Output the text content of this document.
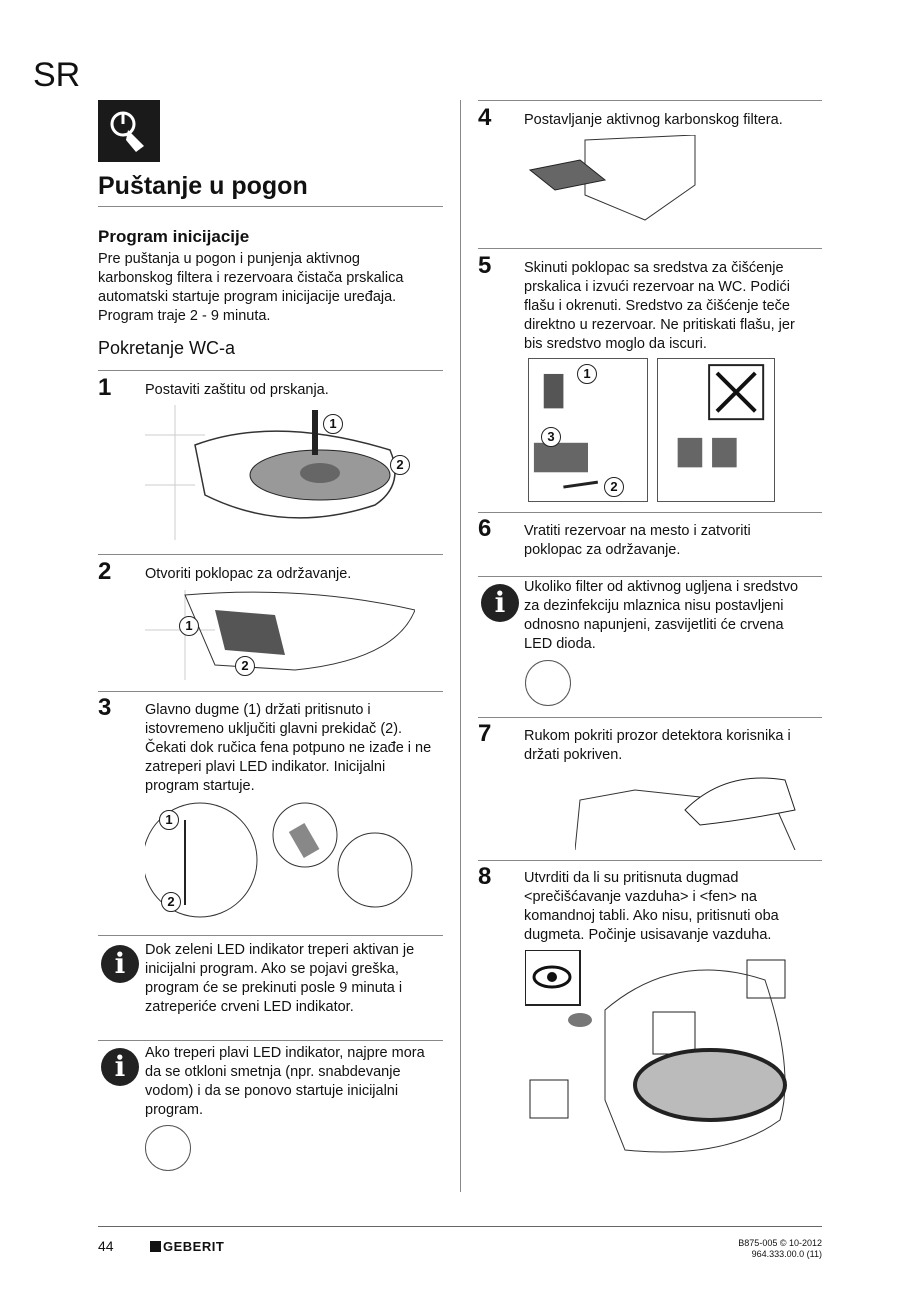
SR
Puštanje u pogon
Program inicijacije
Pre puštanja u pogon i punjenja aktivnog
karbonskog filtera i rezervoara čistača prskalica
automatski startuje program inicijacije uređaja.
Program traje 2 - 9 minuta.
Pokretanje WC-a
1 Postaviti zaštitu od prskanja.
1
2
2 Otvoriti poklopac za održavanje.
1
2
3 Glavno dugme (1) držati pritisnuto i
istovremeno uključiti glavni prekidač (2).
Čekati dok ručica fena potpuno ne izađe i ne
zatreperi plavi LED indikator. Inicijalni
program startuje.
1
2
i	Dok zeleni LED indikator treperi aktivan je
inicijalni program. Ako se pojavi greška,
program će se prekinuti posle 9 minuta i
zatreperiće crveni LED indikator.
i	Ako treperi plavi LED indikator, najpre mora
da se otkloni smetnja (npr. snabdevanje
vodom) i da se ponovo startuje inicijalni
program.
4 Postavljanje aktivnog karbonskog filtera.
5 Skinuti poklopac sa sredstva za čišćenje
prskalica i izvući rezervoar na WC. Podići
flašu i okrenuti. Sredstvo za čišćenje teče
direktno u rezervoar. Ne pritiskati flašu, jer
bis sredstvo moglo da iscuri.
1
3
2
6 Vratiti rezervoar na mesto i zatvoriti
poklopac za održavanje.
i	Ukoliko filter od aktivnog ugljena i sredstvo
za dezinfekciju mlaznica nisu postavljeni
odnosno napunjeni, zasvijetliti će crvena
LED dioda.
7 Rukom pokriti prozor detektora korisnika i
držati pokriven.
8 Utvrditi da li su pritisnuta dugmad
<prečišćavanje vazduha> i <fen> na
komandnoj tabli. Ako nisu, pritisnuti oba
dugmeta. Počinje usisavanje vazduha.
44	GEBERIT	B875-005 © 10-2012
964.333.00.0 (11)
